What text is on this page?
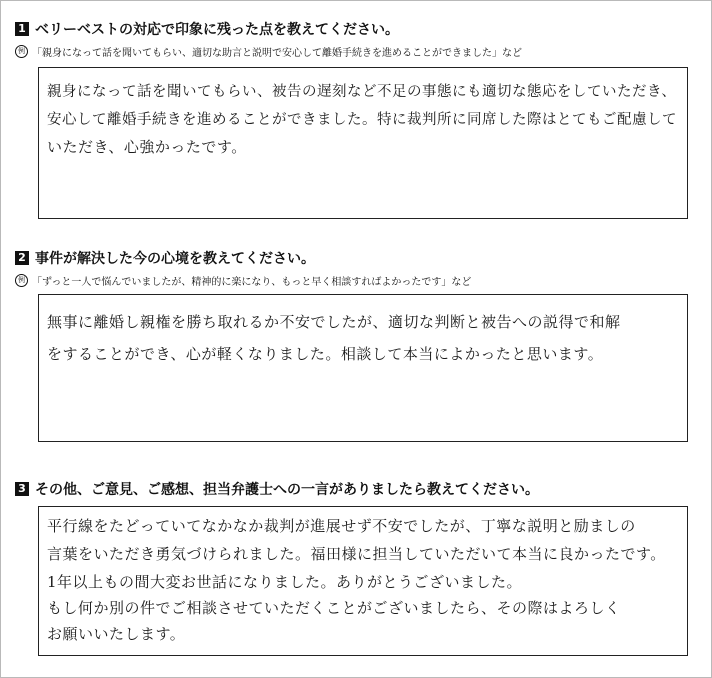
1 ベリーベストの対応で印象に残った点を教えてください。
例 「親身になって話を聞いてもらい、適切な助言と説明で安心して離婚手続きを進めることができました」など
親身になって話を聞いてもらい、被告の遅刻など不足の事態にも適切な態応をしていただき、
安心して離婚手続きを進めることができました。特に裁判所に同席した際はとてもご配慮して
いただき、心強かったです。
2 事件が解決した今の心境を教えてください。
例 「ずっと一人で悩んでいましたが、精神的に楽になり、もっと早く相談すればよかったです」など
無事に離婚し親権を勝ち取れるか不安でしたが、適切な判断と被告への説得で和解
をすることができ、心が軽くなりました。相談して本当によかったと思います。
3 その他、ご意見、ご感想、担当弁護士への一言がありましたら教えてください。
平行線をたどっていてなかなか裁判が進展せず不安でしたが、丁寧な説明と励ましの
言葉をいただき勇気づけられました。福田様に担当していただいて本当に良かったです。
1年以上もの間大変お世話になりました。ありがとうございました。
もし何か別の件でご相談させていただくことがございましたら、その際はよろしく
お願いいたします。
